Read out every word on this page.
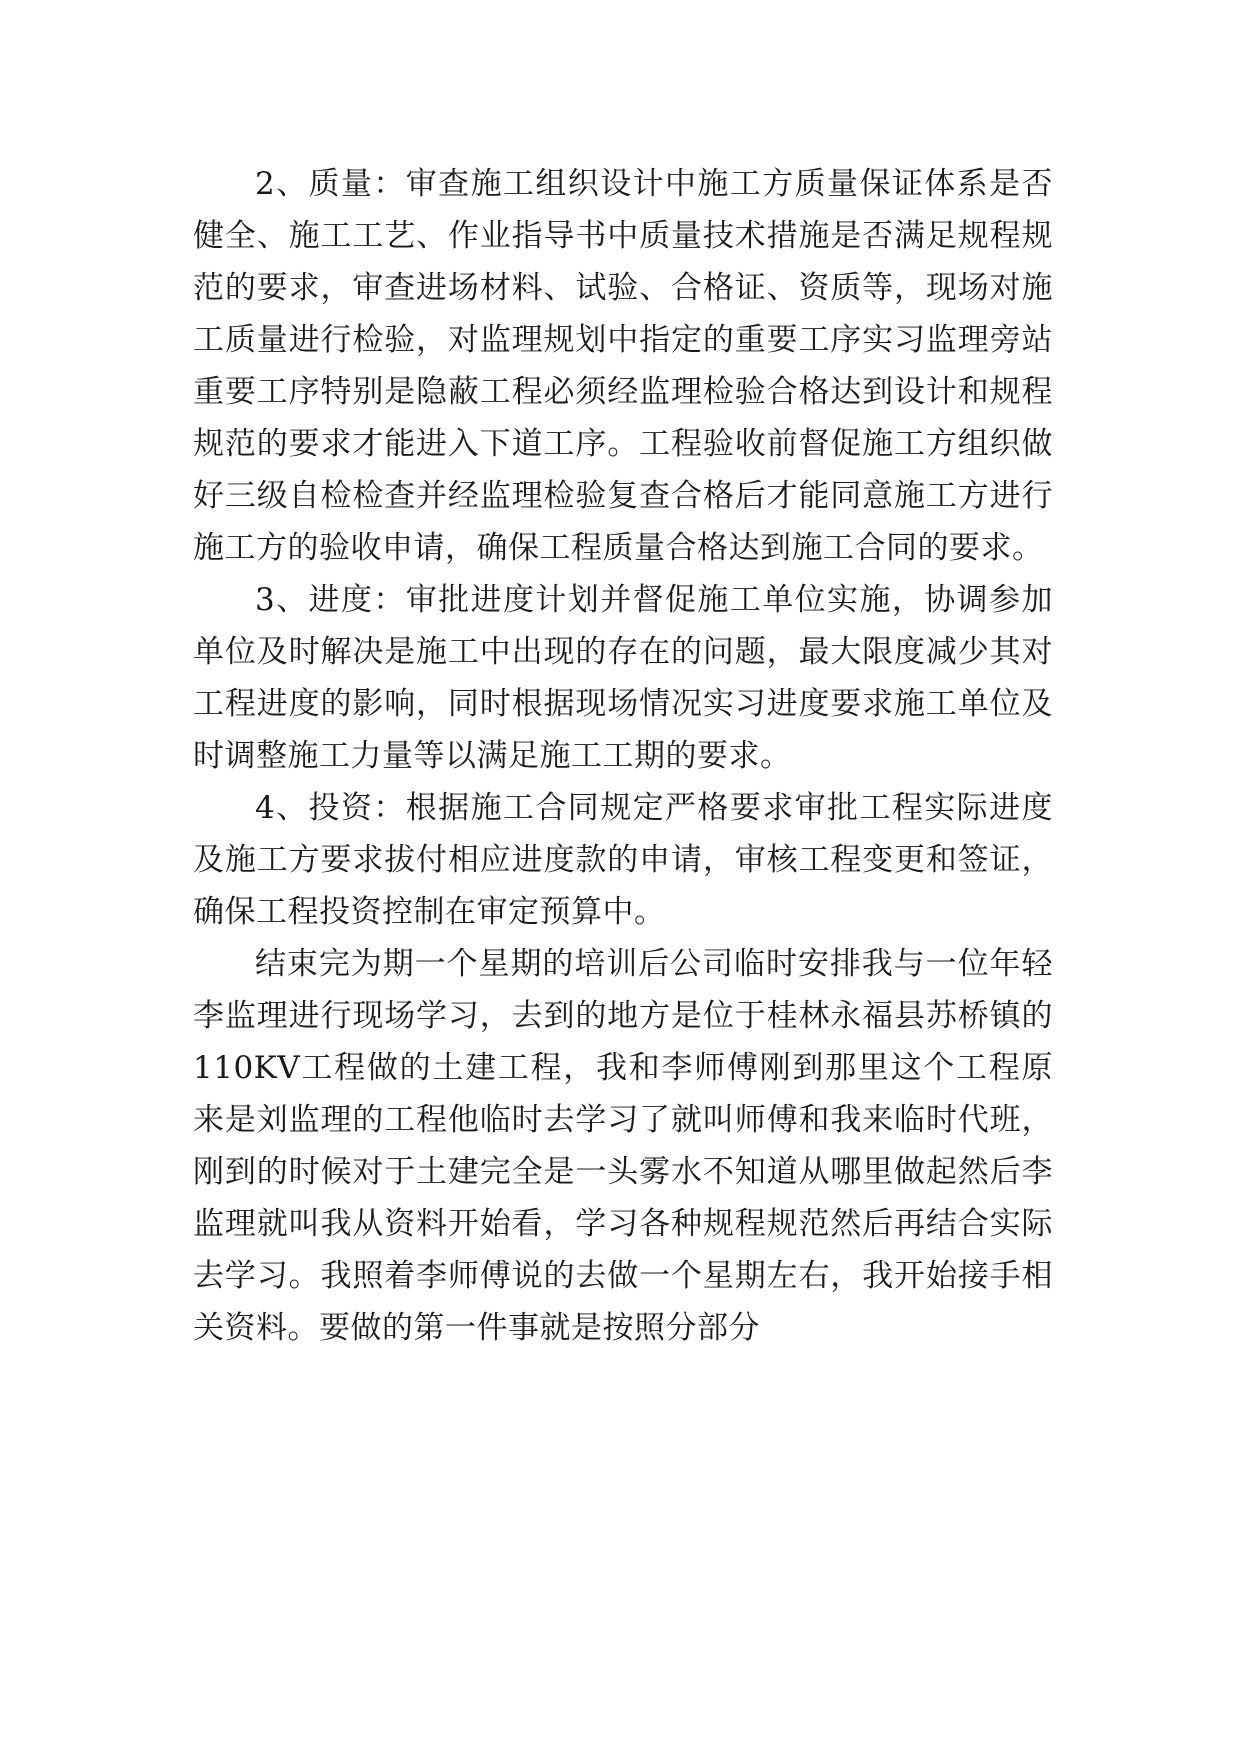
2、质量：审查施工组织设计中施工方质量保证体系是否健全、施工工艺、作业指导书中质量技术措施是否满足规程规范的要求，审查进场材料、试验、合格证、资质等，现场对施工质量进行检验，对监理规划中指定的重要工序实习监理旁站重要工序特别是隐蔽工程必须经监理检验合格达到设计和规程规范的要求才能进入下道工序。工程验收前督促施工方组织做好三级自检检查并经监理检验复查合格后才能同意施工方进行施工方的验收申请，确保工程质量合格达到施工合同的要求。

3、进度：审批进度计划并督促施工单位实施，协调参加单位及时解决是施工中出现的存在的问题，最大限度减少其对工程进度的影响，同时根据现场情况实习进度要求施工单位及时调整施工力量等以满足施工工期的要求。

4、投资：根据施工合同规定严格要求审批工程实际进度及施工方要求拔付相应进度款的申请，审核工程变更和签证，确保工程投资控制在审定预算中。

结束完为期一个星期的培训后公司临时安排我与一位年轻李监理进行现场学习，去到的地方是位于桂林永福县苏桥镇的110KV工程做的土建工程，我和李师傅刚到那里这个工程原来是刘监理的工程他临时去学习了就叫师傅和我来临时代班，刚到的时候对于土建完全是一头雾水不知道从哪里做起然后李监理就叫我从资料开始看，学习各种规程规范然后再结合实际去学习。我照着李师傅说的去做一个星期左右，我开始接手相关资料。要做的第一件事就是按照分部分
